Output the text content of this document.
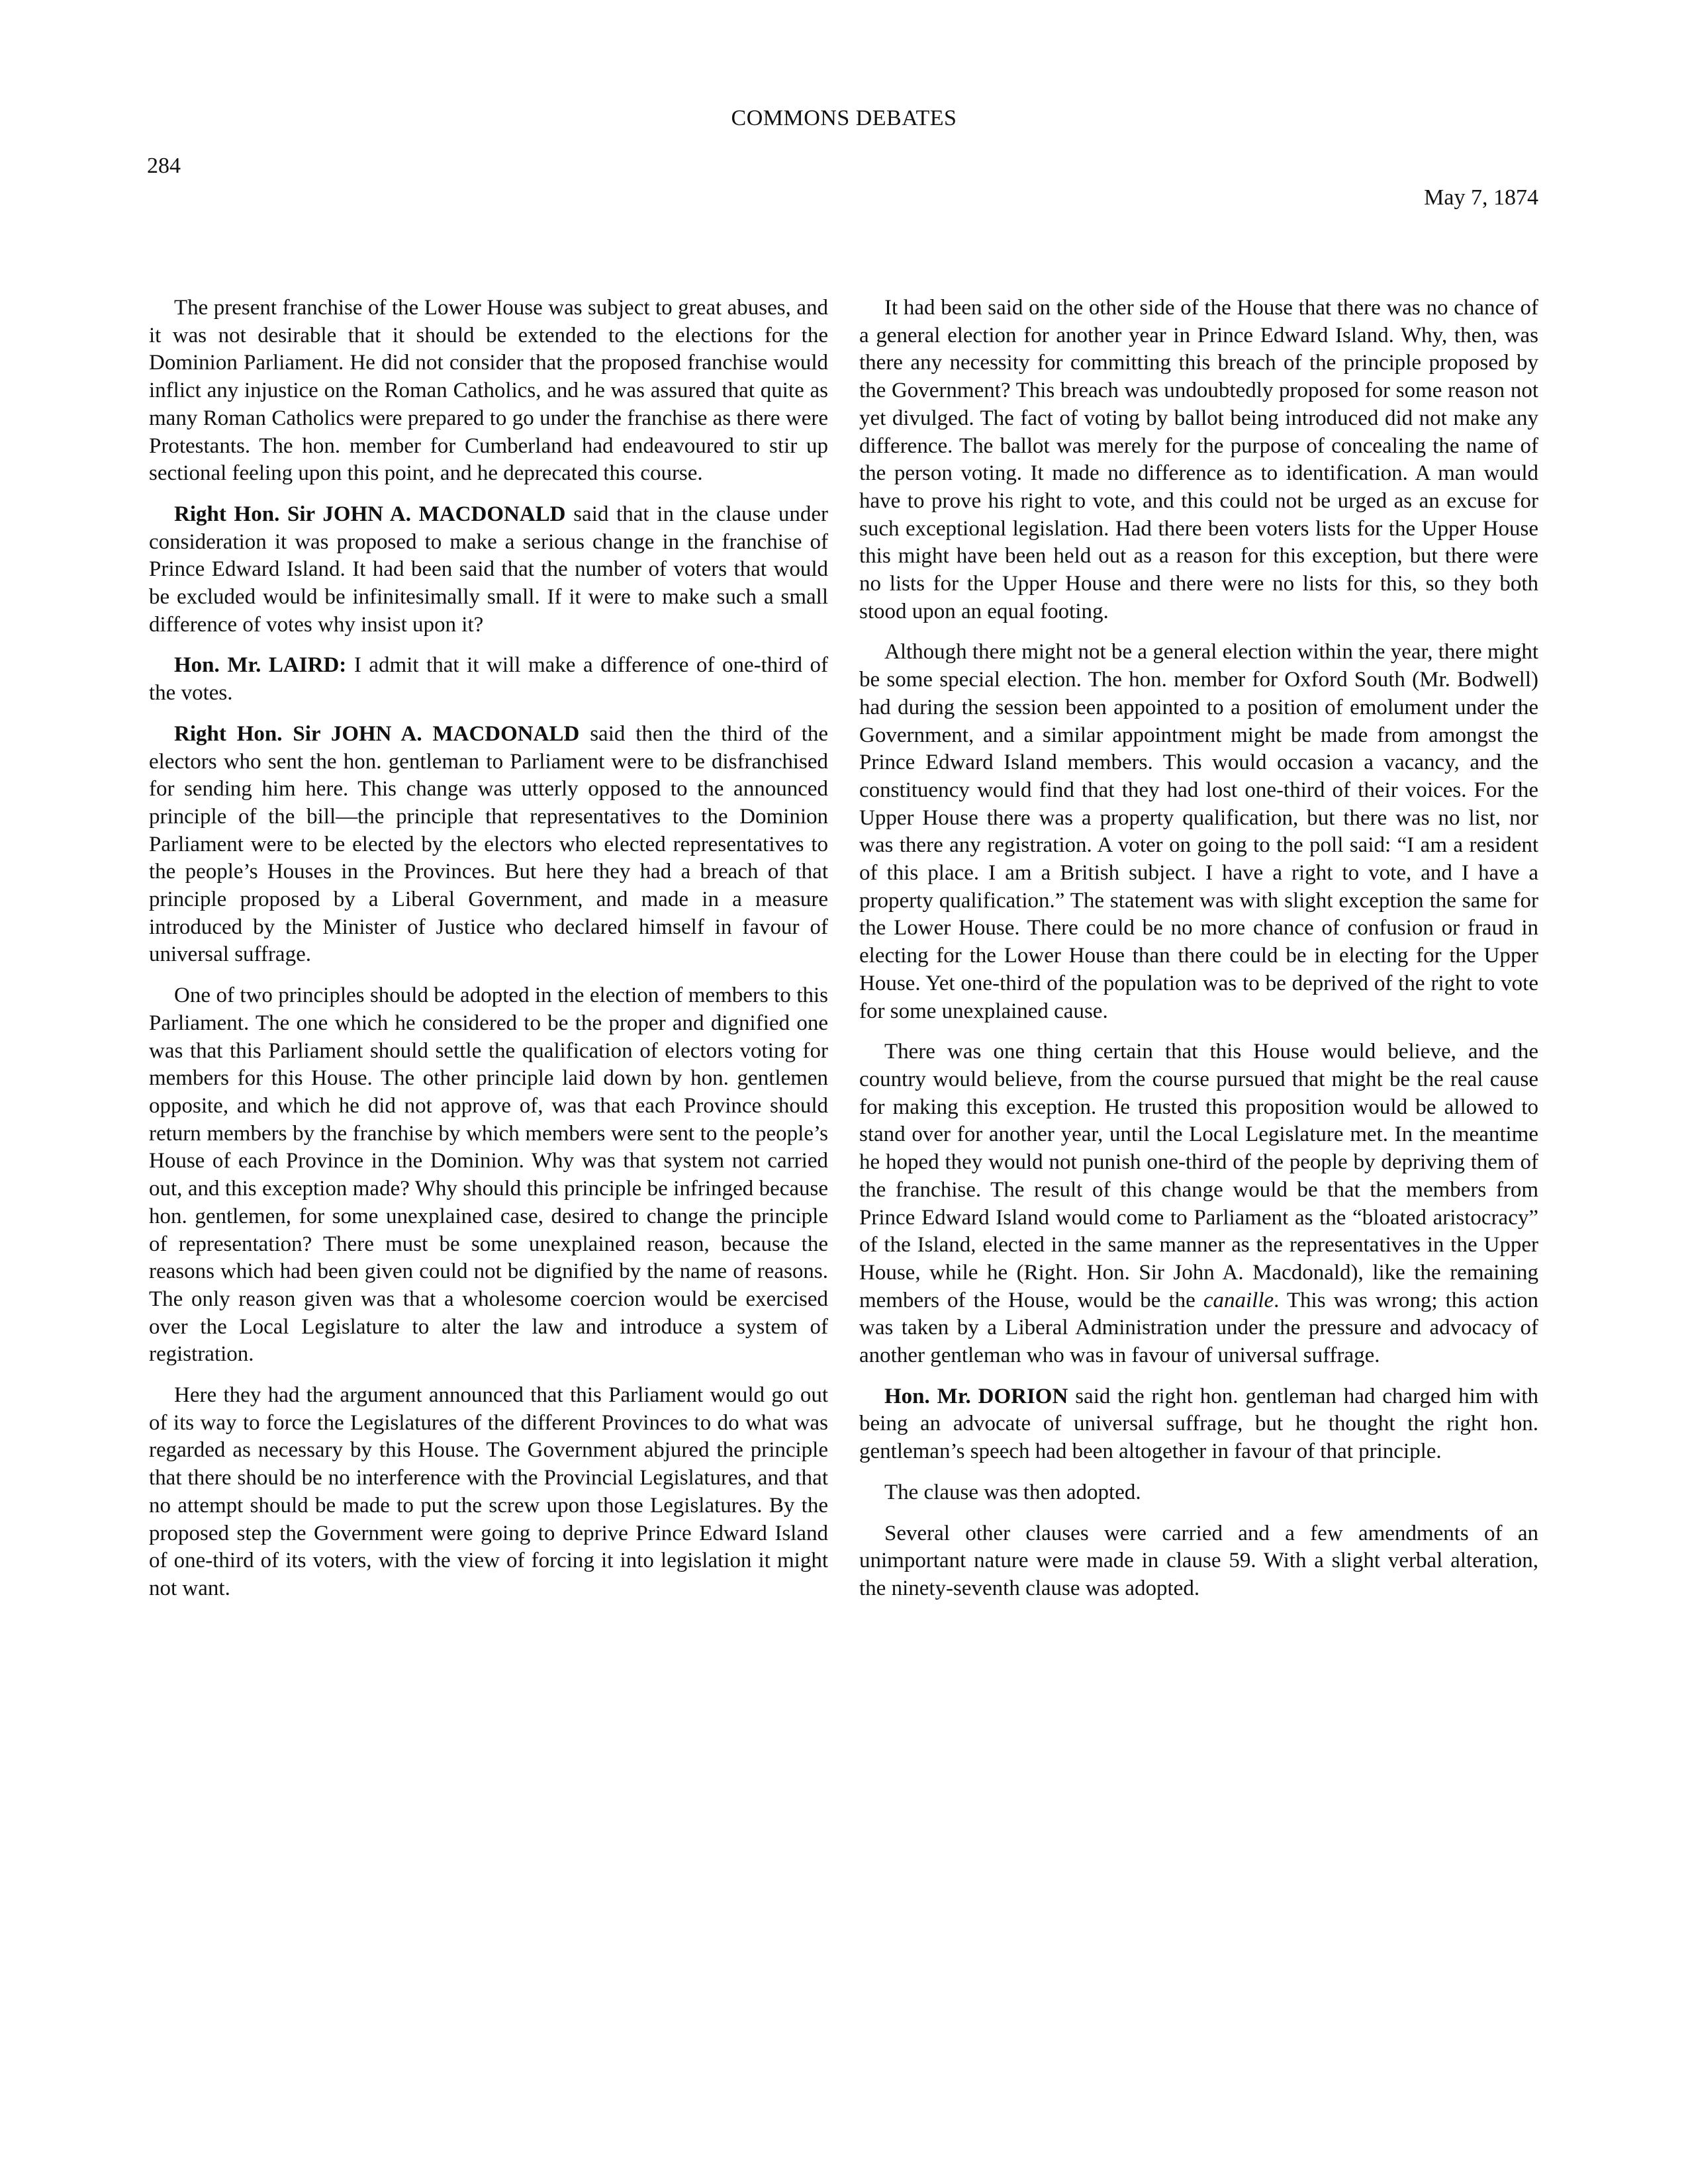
COMMONS DEBATES
284
May 7, 1874

The present franchise of the Lower House was subject to great abuses, and it was not desirable that it should be extended to the elections for the Dominion Parliament. He did not consider that the proposed franchise would inflict any injustice on the Roman Catholics, and he was assured that quite as many Roman Catholics were prepared to go under the franchise as there were Protestants. The hon. member for Cumberland had endeavoured to stir up sectional feeling upon this point, and he deprecated this course.

Right Hon. Sir JOHN A. MACDONALD said that in the clause under consideration it was proposed to make a serious change in the franchise of Prince Edward Island. It had been said that the number of voters that would be excluded would be infinitesimally small. If it were to make such a small difference of votes why insist upon it?

Hon. Mr. LAIRD: I admit that it will make a difference of one-third of the votes.

Right Hon. Sir JOHN A. MACDONALD said then the third of the electors who sent the hon. gentleman to Parliament were to be disfranchised for sending him here. This change was utterly opposed to the announced principle of the bill—the principle that representatives to the Dominion Parliament were to be elected by the electors who elected representatives to the people’s Houses in the Provinces. But here they had a breach of that principle proposed by a Liberal Government, and made in a measure introduced by the Minister of Justice who declared himself in favour of universal suffrage.

One of two principles should be adopted in the election of members to this Parliament. The one which he considered to be the proper and dignified one was that this Parliament should settle the qualification of electors voting for members for this House. The other principle laid down by hon. gentlemen opposite, and which he did not approve of, was that each Province should return members by the franchise by which members were sent to the people’s House of each Province in the Dominion. Why was that system not carried out, and this exception made? Why should this principle be infringed because hon. gentlemen, for some unexplained case, desired to change the principle of representation? There must be some unexplained reason, because the reasons which had been given could not be dignified by the name of reasons. The only reason given was that a wholesome coercion would be exercised over the Local Legislature to alter the law and introduce a system of registration.

Here they had the argument announced that this Parliament would go out of its way to force the Legislatures of the different Provinces to do what was regarded as necessary by this House. The Government abjured the principle that there should be no interference with the Provincial Legislatures, and that no attempt should be made to put the screw upon those Legislatures. By the proposed step the Government were going to deprive Prince Edward Island of one-third of its voters, with the view of forcing it into legislation it might not want.

It had been said on the other side of the House that there was no chance of a general election for another year in Prince Edward Island. Why, then, was there any necessity for committing this breach of the principle proposed by the Government? This breach was undoubtedly proposed for some reason not yet divulged. The fact of voting by ballot being introduced did not make any difference. The ballot was merely for the purpose of concealing the name of the person voting. It made no difference as to identification. A man would have to prove his right to vote, and this could not be urged as an excuse for such exceptional legislation. Had there been voters lists for the Upper House this might have been held out as a reason for this exception, but there were no lists for the Upper House and there were no lists for this, so they both stood upon an equal footing.

Although there might not be a general election within the year, there might be some special election. The hon. member for Oxford South (Mr. Bodwell) had during the session been appointed to a position of emolument under the Government, and a similar appointment might be made from amongst the Prince Edward Island members. This would occasion a vacancy, and the constituency would find that they had lost one-third of their voices. For the Upper House there was a property qualification, but there was no list, nor was there any registration. A voter on going to the poll said: “I am a resident of this place. I am a British subject. I have a right to vote, and I have a property qualification.” The statement was with slight exception the same for the Lower House. There could be no more chance of confusion or fraud in electing for the Lower House than there could be in electing for the Upper House. Yet one-third of the population was to be deprived of the right to vote for some unexplained cause.

There was one thing certain that this House would believe, and the country would believe, from the course pursued that might be the real cause for making this exception. He trusted this proposition would be allowed to stand over for another year, until the Local Legislature met. In the meantime he hoped they would not punish one-third of the people by depriving them of the franchise. The result of this change would be that the members from Prince Edward Island would come to Parliament as the “bloated aristocracy” of the Island, elected in the same manner as the representatives in the Upper House, while he (Right. Hon. Sir John A. Macdonald), like the remaining members of the House, would be the canaille. This was wrong; this action was taken by a Liberal Administration under the pressure and advocacy of another gentleman who was in favour of universal suffrage.

Hon. Mr. DORION said the right hon. gentleman had charged him with being an advocate of universal suffrage, but he thought the right hon. gentleman’s speech had been altogether in favour of that principle.

The clause was then adopted.

Several other clauses were carried and a few amendments of an unimportant nature were made in clause 59. With a slight verbal alteration, the ninety-seventh clause was adopted.
